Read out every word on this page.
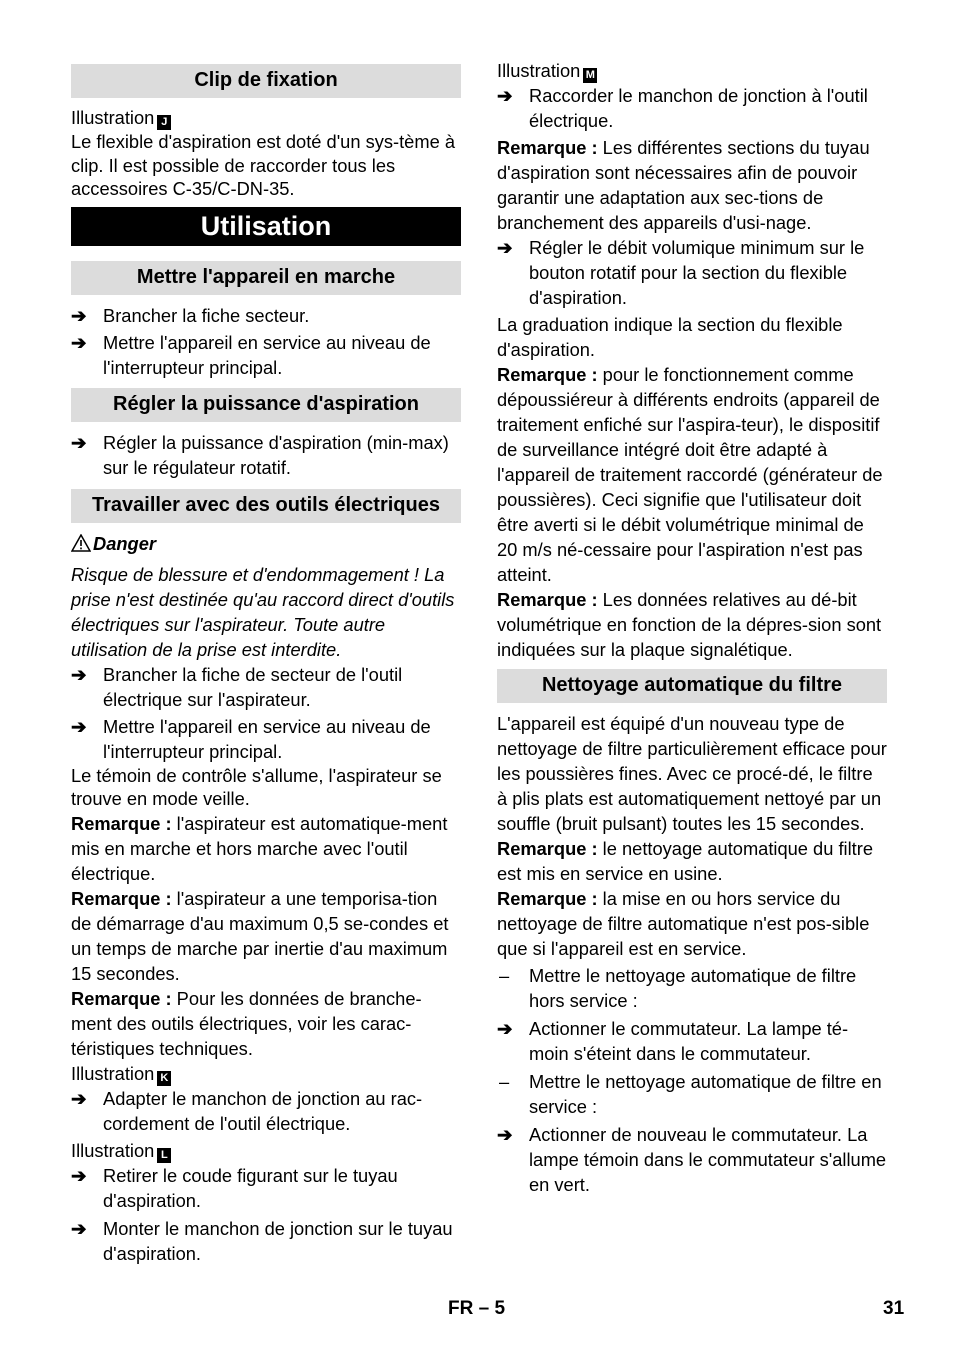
Clip de fixation

Illustration J

Le flexible d'aspiration est doté d'un sys-tème à clip. Il est possible de raccorder tous les accessoires C-35/C-DN-35.

Utilisation
Mettre l'appareil en marche
➔ Brancher la fiche secteur.
➔ Mettre l'appareil en service au niveau de l'interrupteur principal.
Régler la puissance d'aspiration
➔ Régler la puissance d'aspiration (min-max) sur le régulateur rotatif.
Travailler avec des outils électriques

Danger

Risque de blessure et d'endommagement ! La prise n'est destinée qu'au raccord direct d'outils électriques sur l'aspirateur. Toute autre utilisation de la prise est interdite.

➔ Brancher la fiche de secteur de l'outil électrique sur l'aspirateur.
➔ Mettre l'appareil en service au niveau de l'interrupteur principal.

Le témoin de contrôle s'allume, l'aspirateur se trouve en mode veille.

Remarque : l'aspirateur est automatique-ment mis en marche et hors marche avec l'outil électrique.

Remarque : l'aspirateur a une temporisa-tion de démarrage d'au maximum 0,5 se-condes et un temps de marche par inertie d'au maximum 15 secondes.

Remarque : Pour les données de branche-ment des outils électriques, voir les carac-téristiques techniques.

Illustration K

➔ Adapter le manchon de jonction au rac-cordement de l'outil électrique.

Illustration L

➔ Retirer le coude figurant sur le tuyau d'aspiration.
➔ Monter le manchon de jonction sur le tuyau d'aspiration.

Illustration M

➔ Raccorder le manchon de jonction à l'outil électrique.

Remarque : Les différentes sections du tuyau d'aspiration sont nécessaires afin de pouvoir garantir une adaptation aux sec-tions de branchement des appareils d'usi-nage.

➔ Régler le débit volumique minimum sur le bouton rotatif pour la section du flexible d'aspiration.

La graduation indique la section du flexible d'aspiration.

Remarque : pour le fonctionnement comme dépoussiéreur à différents endroits (appareil de traitement enfiché sur l'aspira-teur), le dispositif de surveillance intégré doit être adapté à l'appareil de traitement raccordé (générateur de poussières). Ceci signifie que l'utilisateur doit être averti si le débit volumétrique minimal de 20 m/s né-cessaire pour l'aspiration n'est pas atteint.

Remarque : Les données relatives au dé-bit volumétrique en fonction de la dépres-sion sont indiquées sur la plaque signalétique.

Nettoyage automatique du filtre

L'appareil est équipé d'un nouveau type de nettoyage de filtre particulièrement efficace pour les poussières fines. Avec ce procé-dé, le filtre à plis plats est automatiquement nettoyé par un souffle (bruit pulsant) toutes les 15 secondes.

Remarque : le nettoyage automatique du filtre est mis en service en usine.

Remarque : la mise en ou hors service du nettoyage de filtre automatique n'est pos-sible que si l'appareil est en service.

–	Mettre le nettoyage automatique de filtre hors service :
➔ Actionner le commutateur. La lampe té-moin s'éteint dans le commutateur.
–	Mettre le nettoyage automatique de filtre en service :
➔ Actionner de nouveau le commutateur. La lampe témoin dans le commutateur s'allume en vert.
FR – 5	31
